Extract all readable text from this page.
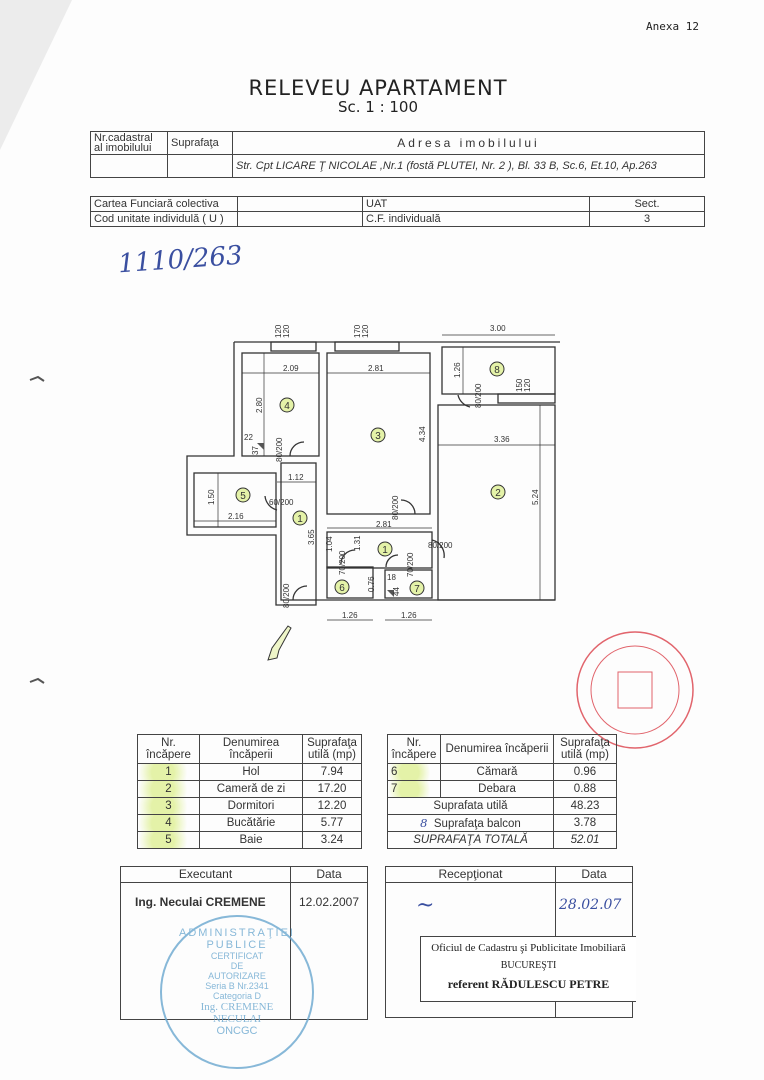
Anexa 12
RELEVEU APARTAMENT
Sc. 1 : 100
Nr.cadastral al imobilului	Suprafaţa	Adresa imobilului
		Str. Cpt LICARE Ţ NICOLAE ,Nr.1 (fostă PLUTEI, Nr. 2 ), Bl. 33 B, Sc.6, Et.10, Ap.263
Cartea Funciară colectiva		UAT	Sect.
Cod unitate individulă ( U )		C.F. individuală	3
1110/263
120 120	170 120	3.00
2.09	2.81	1.26
150 120
2.80
4.34	3.36
5.24
22
37
1.12
1.50
2.16
3.65 1.04 1.31
2.81
0.76 18
44
1.26	1.26
80/200
80/200
80/200
80/200
80/200
60/200
70/200	70/200
1
2
3
4
5
1
6	7
8
Nr. încăpere	Denumirea încăperii	Suprafaţa utilă (mp)
1	Hol	7.94
2	Cameră de zi	17.20
3	Dormitori	12.20
4	Bucătărie	5.77
5	Baie	3.24
Nr. încăpere	Denumirea încăperii	Suprafaţa utilă (mp)
6	Cămară	0.96
7	Debara	0.88
Suprafata utilă		48.23
8 Suprafaţa balcon		3.78
SUPRAFAŢA TOTALĂ		52.01
Executant	Data
Ing. Neculai CREMENE	12.02.2007
ADMINISTRAŢIEI PUBLICE
CERTIFICAT
DE
AUTORIZARE
Seria B Nr.2341
Categoria D
Ing. CREMENE
NECULAI
ONCGC
Recepţionat	Data
~	28.02.07
Oficiul de Cadastru şi Publicitate Imobiliară
BUCUREŞTI
referent RĂDULESCU PETRE
